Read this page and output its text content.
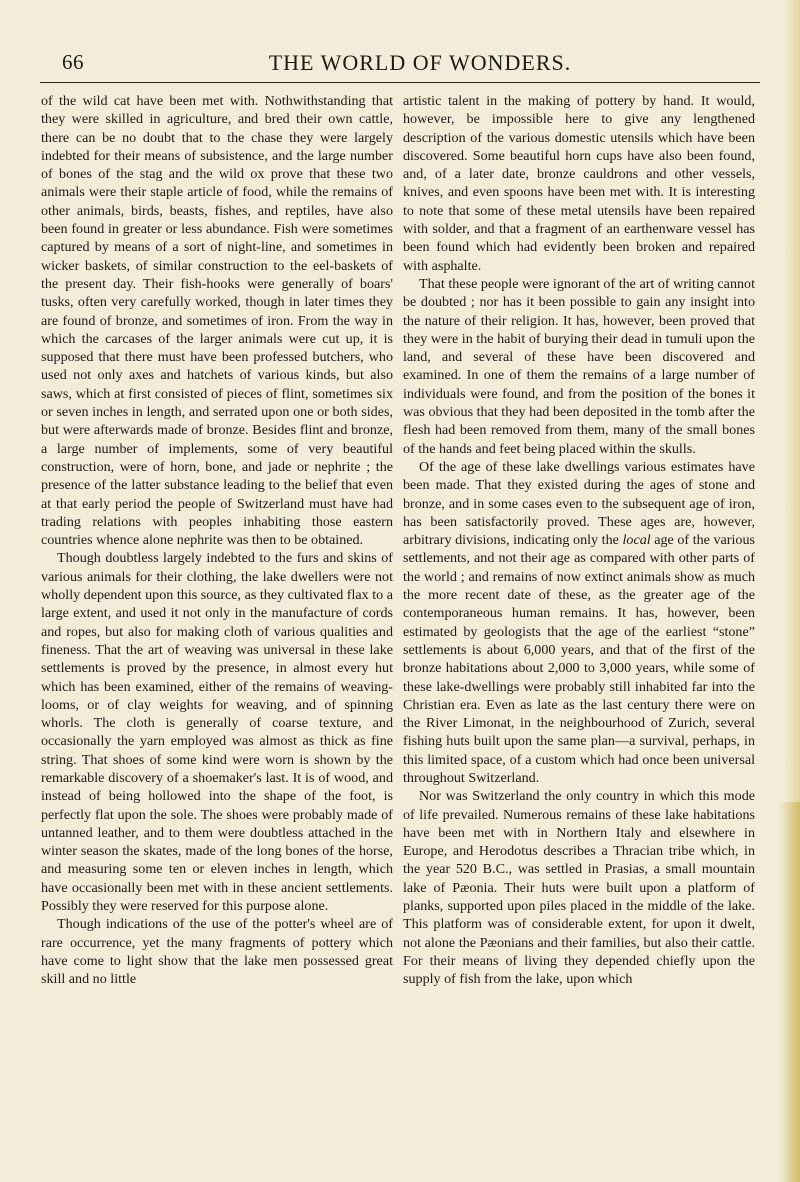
66	THE WORLD OF WONDERS.

of the wild cat have been met with. Nothwithstanding that they were skilled in agriculture, and bred their own cattle, there can be no doubt that to the chase they were largely indebted for their means of subsistence, and the large number of bones of the stag and the wild ox prove that these two animals were their staple article of food, while the remains of other animals, birds, beasts, fishes, and reptiles, have also been found in greater or less abundance. Fish were sometimes captured by means of a sort of night-line, and sometimes in wicker baskets, of similar construction to the eel-baskets of the present day. Their fish-hooks were generally of boars' tusks, often very carefully worked, though in later times they are found of bronze, and sometimes of iron. From the way in which the carcases of the larger animals were cut up, it is supposed that there must have been professed butchers, who used not only axes and hatchets of various kinds, but also saws, which at first consisted of pieces of flint, sometimes six or seven inches in length, and serrated upon one or both sides, but were afterwards made of bronze. Besides flint and bronze, a large number of implements, some of very beautiful construction, were of horn, bone, and jade or nephrite ; the presence of the latter substance leading to the belief that even at that early period the people of Switzerland must have had trading relations with peoples inhabiting those eastern countries whence alone nephrite was then to be obtained.

Though doubtless largely indebted to the furs and skins of various animals for their clothing, the lake dwellers were not wholly dependent upon this source, as they cultivated flax to a large extent, and used it not only in the manufacture of cords and ropes, but also for making cloth of various qualities and fineness. That the art of weaving was universal in these lake settlements is proved by the presence, in almost every hut which has been examined, either of the remains of weaving-looms, or of clay weights for weaving, and of spinning whorls. The cloth is generally of coarse texture, and occasionally the yarn employed was almost as thick as fine string. That shoes of some kind were worn is shown by the remarkable discovery of a shoemaker's last. It is of wood, and instead of being hollowed into the shape of the foot, is perfectly flat upon the sole. The shoes were probably made of untanned leather, and to them were doubtless attached in the winter season the skates, made of the long bones of the horse, and measuring some ten or eleven inches in length, which have occasionally been met with in these ancient settlements. Possibly they were reserved for this purpose alone.

Though indications of the use of the potter's wheel are of rare occurrence, yet the many fragments of pottery which have come to light show that the lake men possessed great skill and no little

artistic talent in the making of pottery by hand. It would, however, be impossible here to give any lengthened description of the various domestic utensils which have been discovered. Some beautiful horn cups have also been found, and, of a later date, bronze cauldrons and other vessels, knives, and even spoons have been met with. It is interesting to note that some of these metal utensils have been repaired with solder, and that a fragment of an earthenware vessel has been found which had evidently been broken and repaired with asphalte.

That these people were ignorant of the art of writing cannot be doubted ; nor has it been possible to gain any insight into the nature of their religion. It has, however, been proved that they were in the habit of burying their dead in tumuli upon the land, and several of these have been discovered and examined. In one of them the remains of a large number of individuals were found, and from the position of the bones it was obvious that they had been deposited in the tomb after the flesh had been removed from them, many of the small bones of the hands and feet being placed within the skulls.

Of the age of these lake dwellings various estimates have been made. That they existed during the ages of stone and bronze, and in some cases even to the subsequent age of iron, has been satisfactorily proved. These ages are, however, arbitrary divisions, indicating only the local age of the various settlements, and not their age as compared with other parts of the world ; and remains of now extinct animals show as much the more recent date of these, as the greater age of the contemporaneous human remains. It has, however, been estimated by geologists that the age of the earliest “stone” settlements is about 6,000 years, and that of the first of the bronze habitations about 2,000 to 3,000 years, while some of these lake-dwellings were probably still inhabited far into the Christian era. Even as late as the last century there were on the River Limonat, in the neighbourhood of Zurich, several fishing huts built upon the same plan—a survival, perhaps, in this limited space, of a custom which had once been universal throughout Switzerland.

Nor was Switzerland the only country in which this mode of life prevailed. Numerous remains of these lake habitations have been met with in Northern Italy and elsewhere in Europe, and Herodotus describes a Thracian tribe which, in the year 520 B.C., was settled in Prasias, a small mountain lake of Pæonia. Their huts were built upon a platform of planks, supported upon piles placed in the middle of the lake. This platform was of considerable extent, for upon it dwelt, not alone the Pæonians and their families, but also their cattle. For their means of living they depended chiefly upon the supply of fish from the lake, upon which
